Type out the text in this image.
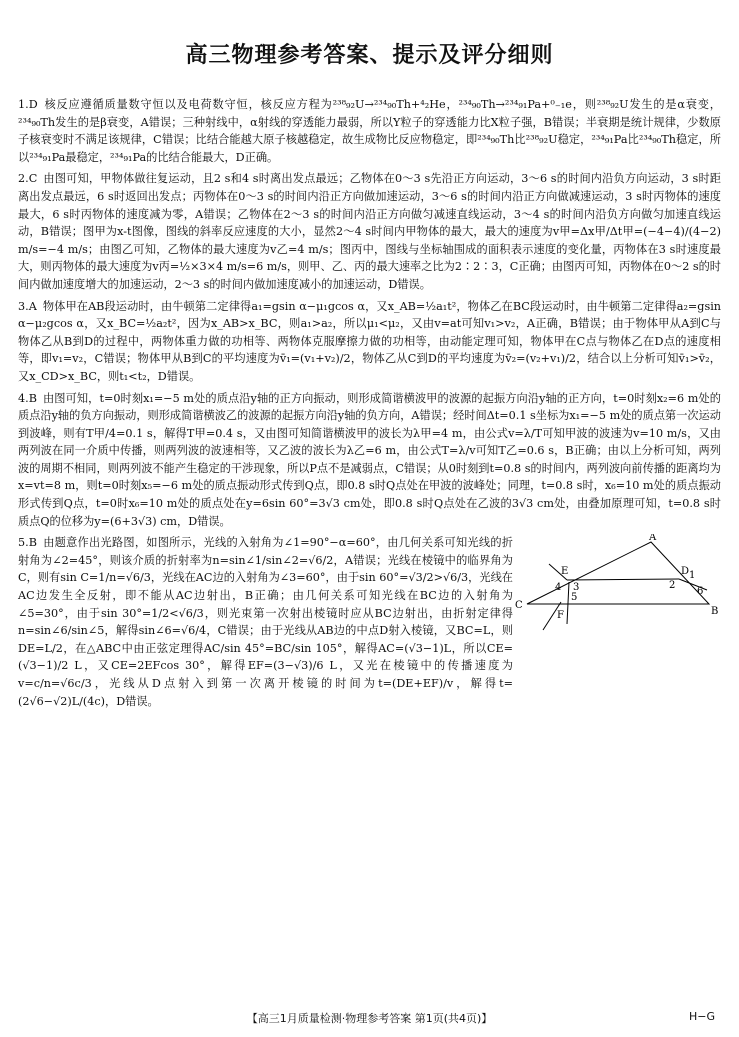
高三物理参考答案、提示及评分细则
1.D 核反应遵循质量数守恒以及电荷数守恒，核反应方程为²³⁸₉₂U→²³⁴₉₀Th+⁴₂He，²³⁴₉₀Th→²³⁴₉₁Pa+⁰₋₁e，则²³⁸₉₂U发生的是α衰变，²³⁴₉₀Th发生的是β衰变，A错误；三种射线中，α射线的穿透能力最弱，所以Y粒子的穿透能力比X粒子强，B错误；半衰期是统计规律，少数原子核衰变时不满足该规律，C错误；比结合能越大原子核越稳定，故生成物比反应物稳定，即²³⁴₉₀Th比²³⁸₉₂U稳定，²³⁴₉₁Pa比²³⁴₉₀Th稳定，所以²³⁴₉₁Pa最稳定，²³⁴₉₁Pa的比结合能最大，D正确。
2.C 由图可知，甲物体做往复运动，且2 s和4 s时离出发点最远；乙物体在0～3 s先沿正方向运动，3～6 s的时间内沿负方向运动，3 s时距离出发点最远，6 s时返回出发点；丙物体在0～3 s的时间内沿正方向做加速运动，3～6 s的时间内沿正方向做减速运动，3 s时丙物体的速度最大，6 s时丙物体的速度减为零，A错误；乙物体在2～3 s的时间内沿正方向做匀减速直线运动，3～4 s的时间内沿负方向做匀加速直线运动，B错误；图甲为x-t图像，图线的斜率反应速度的大小，显然2～4 s时间内甲物体的最大，最大的速度为v甲=Δx甲/Δt甲=(−4−4)/(4−2) m/s=−4 m/s；由图乙可知，乙物体的最大速度为v乙=4 m/s；图丙中，图线与坐标轴围成的面积表示速度的变化量，丙物体在3 s时速度最大，则丙物体的最大速度为v丙=½×3×4 m/s=6 m/s，则甲、乙、丙的最大速率之比为2∶2∶3，C正确；由图丙可知，丙物体在0～2 s的时间内做加速度增大的加速运动，2～3 s的时间内做加速度减小的加速运动，D错误。
3.A 物体甲在AB段运动时，由牛顿第二定律得a₁=gsin α−μ₁gcos α，又x_AB=½a₁t²，物体乙在BC段运动时，由牛顿第二定律得a₂=gsin α−μ₂gcos α，又x_BC=½a₂t²，因为x_AB>x_BC，则a₁>a₂，所以μ₁<μ₂，又由v=at可知v₁>v₂，A正确，B错误；由于物体甲从A到C与物体乙从B到D的过程中，两物体重力做的功相等、两物体克服摩擦力做的功相等，由动能定理可知，物体甲在C点与物体乙在D点的速度相等，即v₁=v₂，C错误；物体甲从B到C的平均速度为v̄₁=(v₁+v₂)/2，物体乙从C到D的平均速度为v̄₂=(v₂+v₁)/2，结合以上分析可知v̄₁>v̄₂，又x_CD>x_BC，则t₁<t₂，D错误。
4.B 由图可知，t=0时刻x₁=−5 m处的质点沿y轴的正方向振动，则形成简谐横波甲的波源的起振方向沿y轴的正方向，t=0时刻x₂=6 m处的质点沿y轴的负方向振动，则形成简谐横波乙的波源的起振方向沿y轴的负方向，A错误；经时间Δt=0.1 s坐标为x₁=−5 m处的质点第一次运动到波峰，则有T甲/4=0.1 s，解得T甲=0.4 s，又由图可知简谐横波甲的波长为λ甲=4 m，由公式v=λ/T可知甲波的波速为v=10 m/s，又由两列波在同一介质中传播，则两列波的波速相等，又乙波的波长为λ乙=6 m，由公式T=λ/v可知T乙=0.6 s，B正确；由以上分析可知，两列波的周期不相同，则两列波不能产生稳定的干涉现象，所以P点不是减弱点，C错误；从0时刻到t=0.8 s的时间内，两列波向前传播的距离均为x=vt=8 m，则t=0时刻x₅=−6 m处的质点振动形式传到Q点，即0.8 s时Q点处在甲波的波峰处；同理，t=0.8 s时，x₆=10 m处的质点振动形式传到Q点，t=0时x₆=10 m处的质点处在y=6sin 60°=3√3 cm处，即0.8 s时Q点处在乙波的3√3 cm处，由叠加原理可知，t=0.8 s时质点Q的位移为y=(6+3√3) cm，D错误。
5.B 由题意作出光路图，如图所示，光线的入射角为∠1=90°−α=60°，由几何关系可知光线的折射角为∠2=45°，则该介质的折射率为n=sin∠1/sin∠2=√6/2，A错误；光线在棱镜中的临界角为C，则有sin C=1/n=√6/3，光线在AC边的入射角为∠3=60°，由于sin 60°=√3/2>√6/3，光线在AC边发生全反射，即不能从AC边射出，B正确；由几何关系可知光线在BC边的入射角为∠5=30°，由于sin 30°=1/2<√6/3，则光束第一次射出棱镜时应从BC边射出，由折射定律得n=sin∠6/sin∠5，解得sin∠6=√6/4，C错误；由于光线从AB边的中点D射入棱镜，又BC=L，则DE=L/2，在△ABC中由正弦定理得AC/sin 45°=BC/sin 105°，解得AC=(√3−1)L，所以CE=(√3−1)/2 L，又CE=2EFcos 30°，解得EF=(3−√3)/6 L，又光在棱镜中的传播速度为v=c/n=√6c/3，光线从D点射入到第一次离开棱镜的时间为t=(DE+EF)/v，解得t=(2√6−√2)L/(4c)，D错误。
A
B
C
D
E
F
1
2
3
4
5
6
【高三1月质量检测·物理参考答案 第1页(共4页)】	H−G
